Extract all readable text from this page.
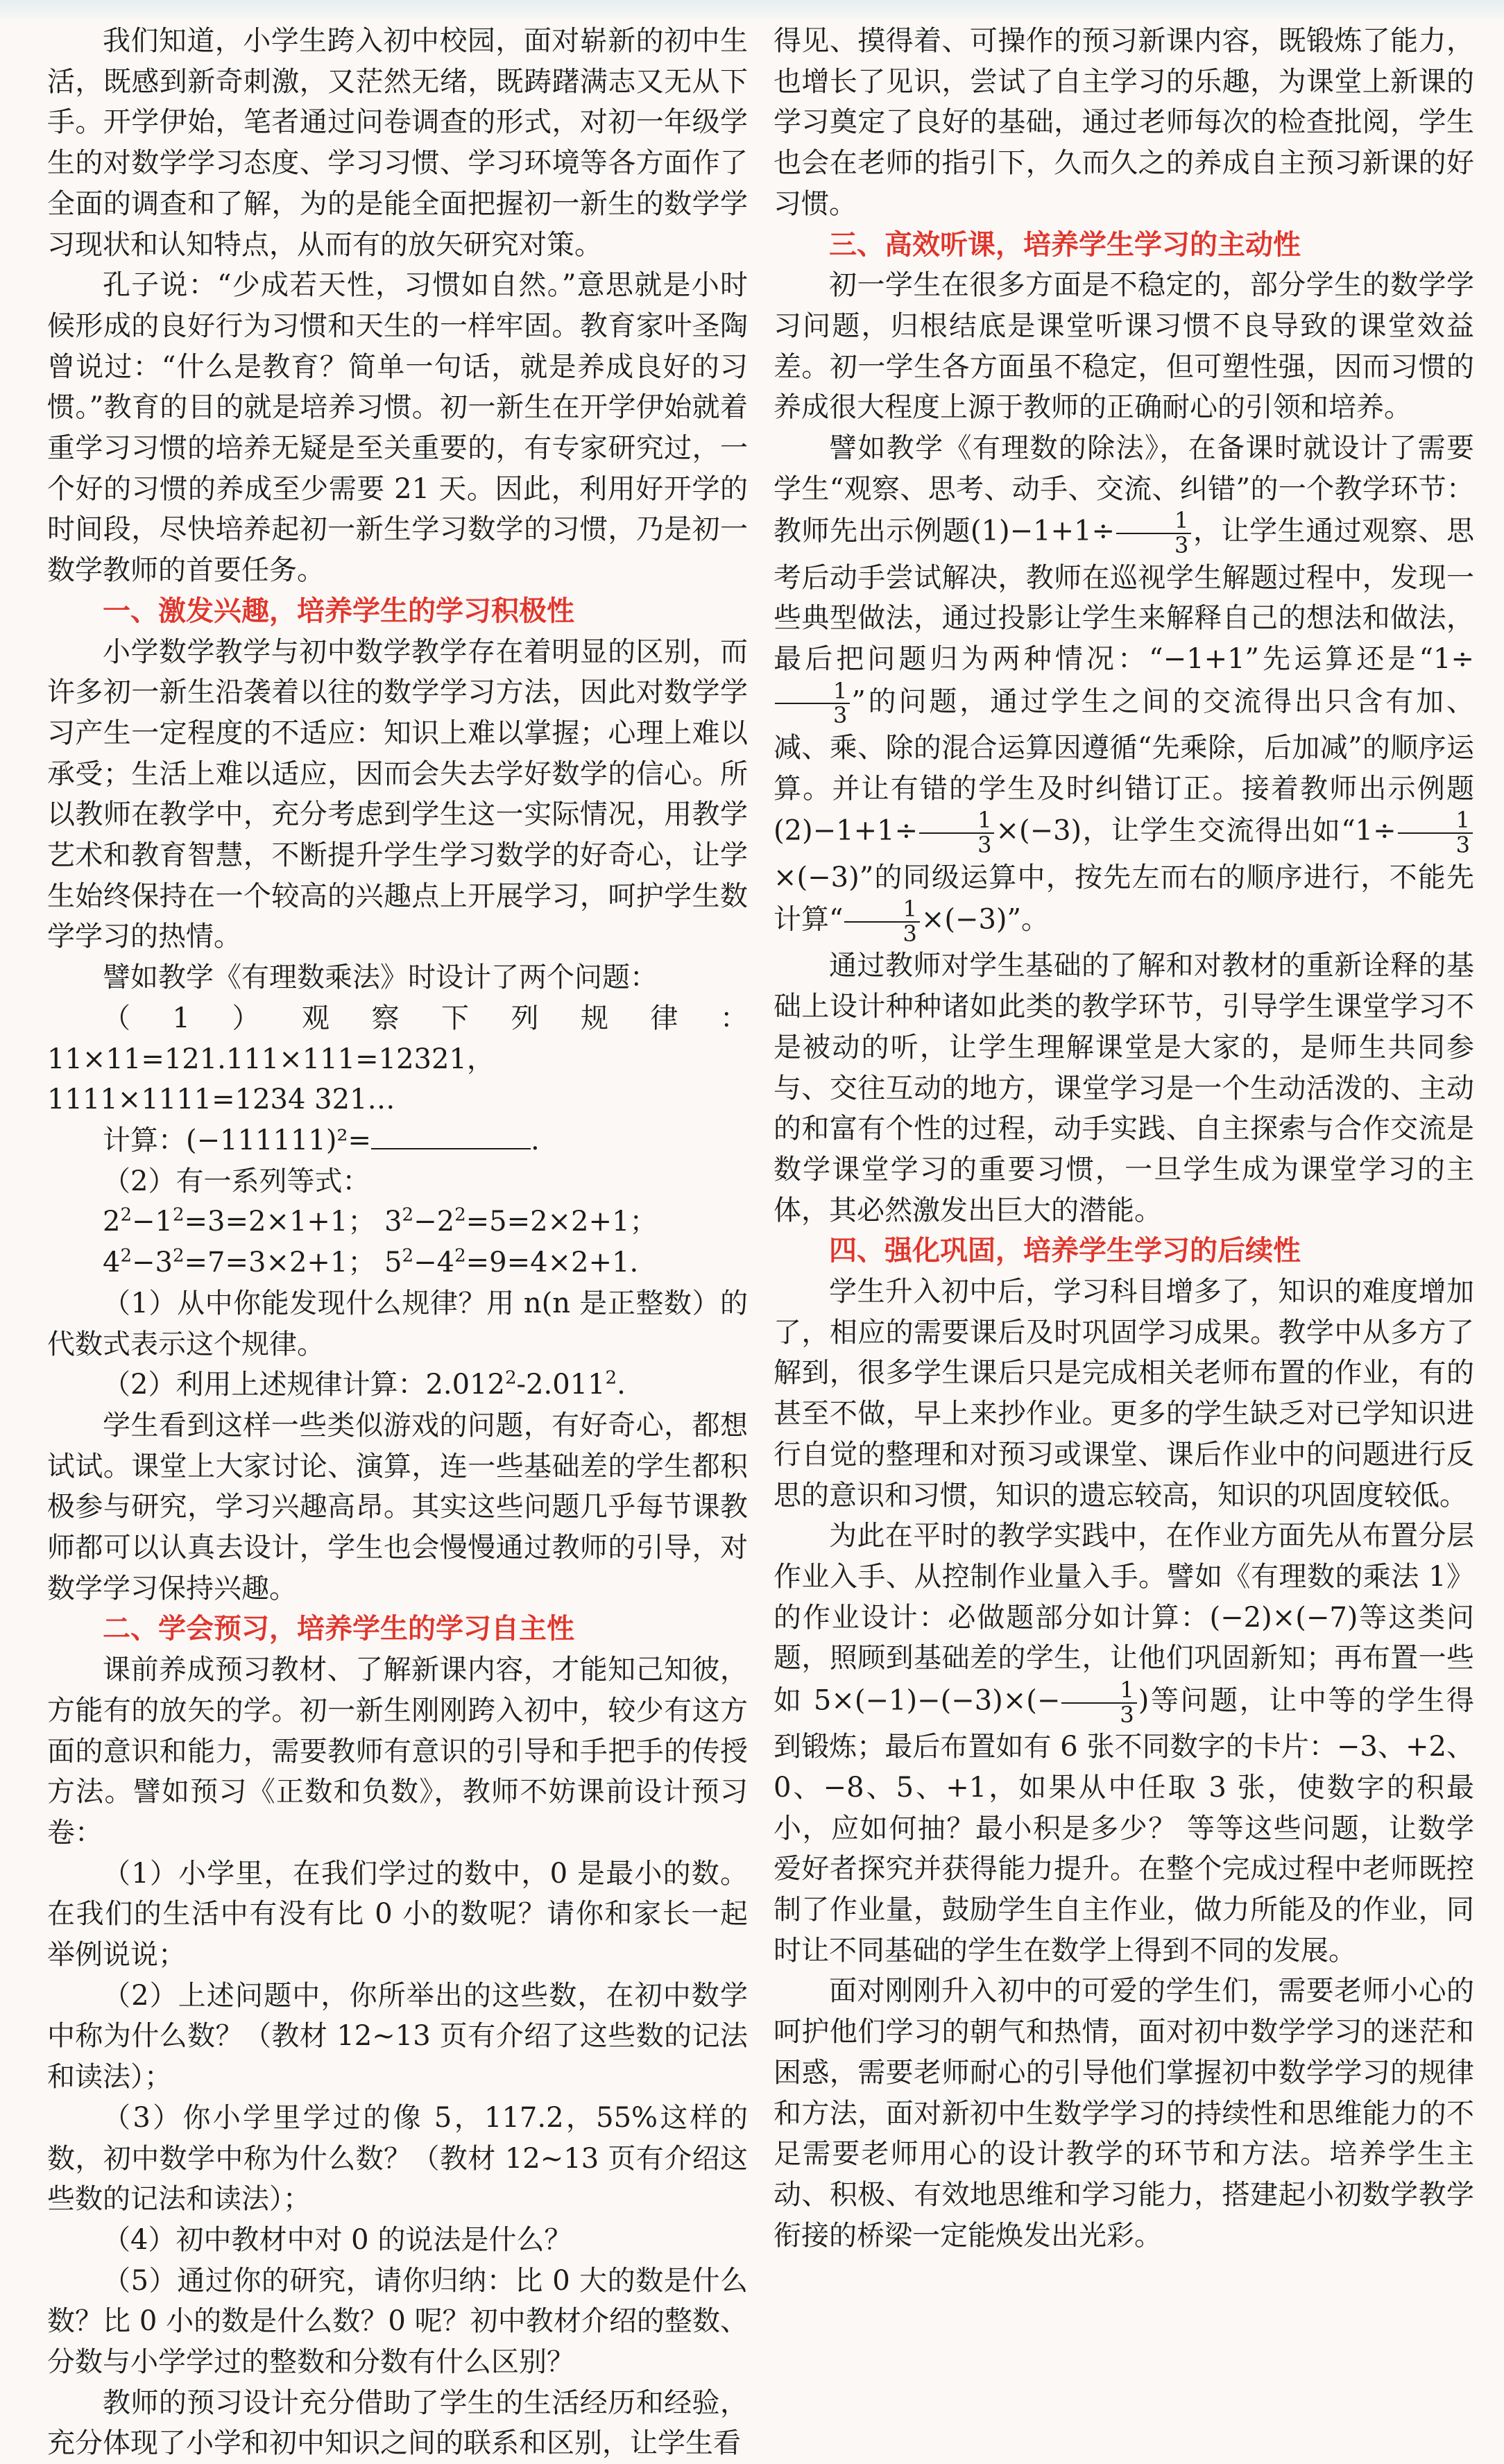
我们知道，小学生跨入初中校园，面对崭新的初中生活，既感到新奇刺激，又茫然无绪，既踌躇满志又无从下手。开学伊始，笔者通过问卷调查的形式，对初一年级学生的对数学学习态度、学习习惯、学习环境等各方面作了全面的调查和了解，为的是能全面把握初一新生的数学学习现状和认知特点，从而有的放矢研究对策。

孔子说：“少成若天性，习惯如自然。”意思就是小时候形成的良好行为习惯和天生的一样牢固。教育家叶圣陶曾说过：“什么是教育？简单一句话，就是养成良好的习惯。”教育的目的就是培养习惯。初一新生在开学伊始就着重学习习惯的培养无疑是至关重要的，有专家研究过，一个好的习惯的养成至少需要 21 天。因此，利用好开学的时间段，尽快培养起初一新生学习数学的习惯，乃是初一数学教师的首要任务。

一、激发兴趣，培养学生的学习积极性

小学数学教学与初中数学教学存在着明显的区别，而许多初一新生沿袭着以往的数学学习方法，因此对数学学习产生一定程度的不适应：知识上难以掌握；心理上难以承受；生活上难以适应，因而会失去学好数学的信心。所以教师在教学中，充分考虑到学生这一实际情况，用教学艺术和教育智慧，不断提升学生学习数学的好奇心，让学生始终保持在一个较高的兴趣点上开展学习，呵护学生数学学习的热情。

譬如教学《有理数乘法》时设计了两个问题：

（1）观察下列规律：11×11=121.111×111=12321，

1111×1111=1234 321…

计算：(−111111)²=	.

（2）有一系列等式：

$2^2-1^2=3=2\times 1+1$； $3^2-2^2=5=2\times 2+1$；

$4^2-3^2=7=3\times 2+1$； $5^2-4^2=9=4\times 2+1$.

（1）从中你能发现什么规律？用 n(n 是正整数）的代数式表示这个规律。

（2）利用上述规律计算：2.012$^2$-2.011$^2$.

学生看到这样一些类似游戏的问题，有好奇心，都想试试。课堂上大家讨论、演算，连一些基础差的学生都积极参与研究，学习兴趣高昂。其实这些问题几乎每节课教师都可以认真去设计，学生也会慢慢通过教师的引导，对数学学习保持兴趣。

二、学会预习，培养学生的学习自主性

课前养成预习教材、了解新课内容，才能知己知彼，方能有的放矢的学。初一新生刚刚跨入初中，较少有这方面的意识和能力，需要教师有意识的引导和手把手的传授方法。譬如预习《正数和负数》，教师不妨课前设计预习卷：

（1）小学里，在我们学过的数中，0 是最小的数。在我们的生活中有没有比 0 小的数呢？请你和家长一起举例说说；

（2）上述问题中，你所举出的这些数，在初中数学中称为什么数？（教材 12~13 页有介绍了这些数的记法和读法）；

（3）你小学里学过的像 5，117.2，55%这样的数，初中数学中称为什么数？（教材 12~13 页有介绍这些数的记法和读法）；

（4）初中教材中对 0 的说法是什么？

（5）通过你的研究，请你归纳：比 0 大的数是什么数？比 0 小的数是什么数？0 呢？初中教材介绍的整数、分数与小学学过的整数和分数有什么区别？

教师的预习设计充分借助了学生的生活经历和经验，充分体现了小学和初中知识之间的联系和区别，让学生看

得见、摸得着、可操作的预习新课内容，既锻炼了能力，也增长了见识，尝试了自主学习的乐趣，为课堂上新课的学习奠定了良好的基础，通过老师每次的检查批阅，学生也会在老师的指引下，久而久之的养成自主预习新课的好习惯。

三、高效听课，培养学生学习的主动性

初一学生在很多方面是不稳定的，部分学生的数学学习问题，归根结底是课堂听课习惯不良导致的课堂效益差。初一学生各方面虽不稳定，但可塑性强，因而习惯的养成很大程度上源于教师的正确耐心的引领和培养。

譬如教学《有理数的除法》，在备课时就设计了需要学生“观察、思考、动手、交流、纠错”的一个教学环节：教师先出示例题$(1)-1+1\div \frac{1}{3}$ ，让学生通过观察、思考后动手尝试解决，教师在巡视学生解题过程中，发现一些典型做法，通过投影让学生来解释自己的想法和做法，最后把问题归为两种情况：“−1+1”先运算还是“1÷
$\frac{1}{3}$ ”的问题，通过学生之间的交流得出只含有加、减、乘、除的混合运算因遵循“先乘除，后加减”的顺序运算。并让有错的学生及时纠错订正。接着教师出示例题$(2)-1+1\div \frac{1}{3} \times(-3)$，让学生交流得出如“$1\div \frac{1}{3}$
×(−3)”的同级运算中，按先左而右的顺序进行，不能先计算“ $\frac{1}{3} \times(-3)$”。

通过教师对学生基础的了解和对教材的重新诠释的基础上设计种种诸如此类的教学环节，引导学生课堂学习不是被动的听，让学生理解课堂是大家的，是师生共同参与、交往互动的地方，课堂学习是一个生动活泼的、主动的和富有个性的过程，动手实践、自主探索与合作交流是数学课堂学习的重要习惯，一旦学生成为课堂学习的主体，其必然激发出巨大的潜能。

四、强化巩固，培养学生学习的后续性

学生升入初中后，学习科目增多了，知识的难度增加了，相应的需要课后及时巩固学习成果。教学中从多方了解到，很多学生课后只是完成相关老师布置的作业，有的甚至不做，早上来抄作业。更多的学生缺乏对已学知识进行自觉的整理和对预习或课堂、课后作业中的问题进行反思的意识和习惯，知识的遗忘较高，知识的巩固度较低。

为此在平时的教学实践中，在作业方面先从布置分层作业入手、从控制作业量入手。譬如《有理数的乘法 1》的作业设计：必做题部分如计算：(−2)×(−7)等这类问题，照顾到基础差的学生，让他们巩固新知；再布置一些如 $5\times(-1)-(-3)\times(- \frac{1}{3}$ )等问题，让中等的学生得到锻炼；最后布置如有 6 张不同数字的卡片：−3、+2、0、−8、5、+1，如果从中任取 3 张，使数字的积最小，应如何抽？最小积是多少？ 等等这些问题，让数学爱好者探究并获得能力提升。在整个完成过程中老师既控制了作业量，鼓励学生自主作业，做力所能及的作业，同时让不同基础的学生在数学上得到不同的发展。

面对刚刚升入初中的可爱的学生们，需要老师小心的呵护他们学习的朝气和热情，面对初中数学学习的迷茫和困惑，需要老师耐心的引导他们掌握初中数学学习的规律和方法，面对新初中生数学学习的持续性和思维能力的不足需要老师用心的设计教学的环节和方法。培养学生主动、积极、有效地思维和学习能力，搭建起小初数学教学衔接的桥梁一定能焕发出光彩。
